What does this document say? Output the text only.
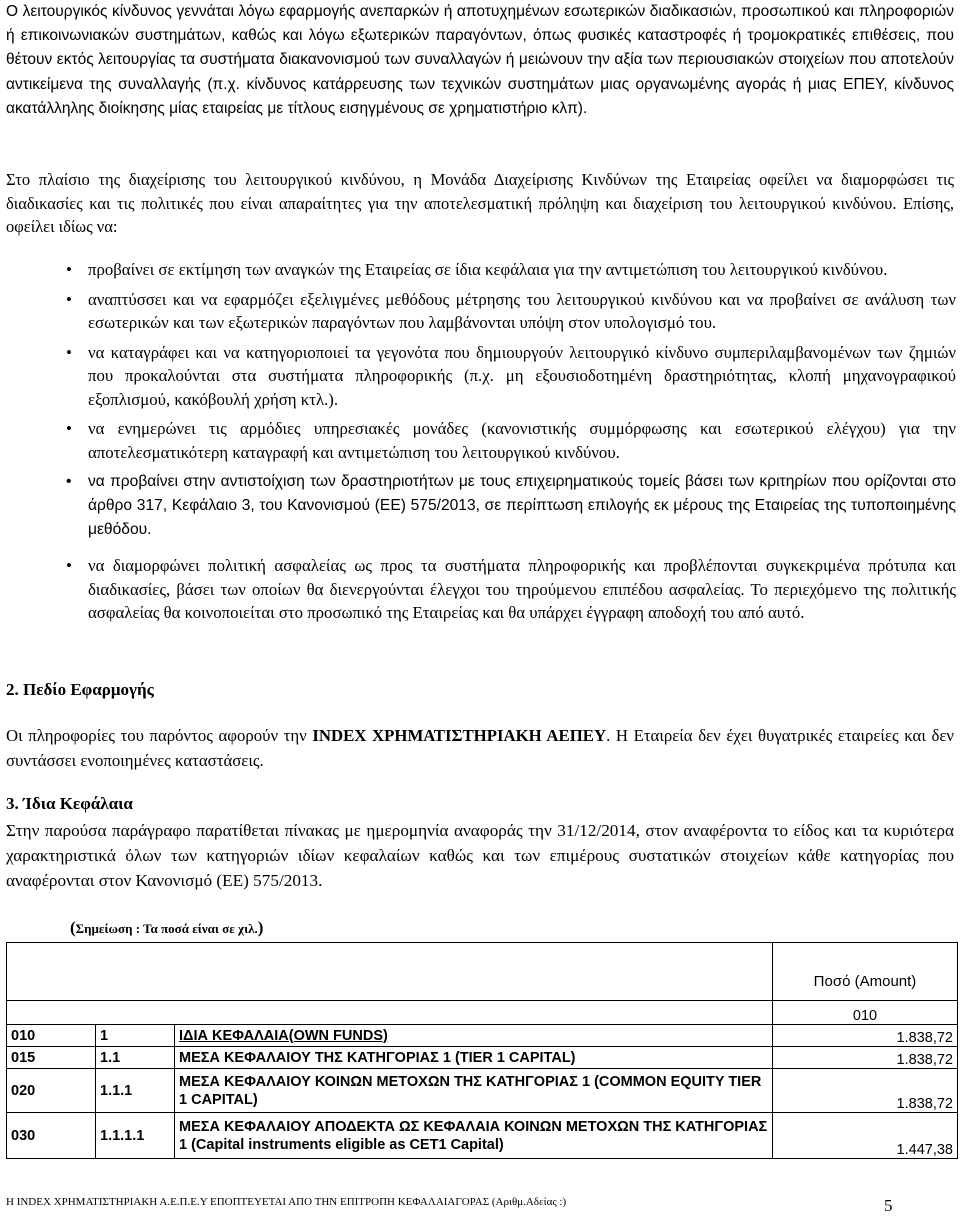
Ο λειτουργικός κίνδυνος γεννάται λόγω εφαρμογής ανεπαρκών ή αποτυχημένων εσωτερικών διαδικασιών, προσωπικού και πληροφοριών ή επικοινωνιακών συστημάτων, καθώς και λόγω εξωτερικών παραγόντων, όπως φυσικές καταστροφές ή τρομοκρατικές επιθέσεις, που θέτουν εκτός λειτουργίας τα συστήματα διακανονισμού των συναλλαγών ή μειώνουν την αξία των περιουσιακών στοιχείων που αποτελούν αντικείμενα της συναλλαγής (π.χ. κίνδυνος κατάρρευσης των τεχνικών συστημάτων μιας οργανωμένης αγοράς ή μιας ΕΠΕΥ, κίνδυνος ακατάλληλης διοίκησης μίας εταιρείας με τίτλους εισηγμένους σε χρηματιστήριο κλπ).

Στο πλαίσιο της διαχείρισης του λειτουργικού κινδύνου, η Μονάδα Διαχείρισης Κινδύνων της Εταιρείας οφείλει να διαμορφώσει τις διαδικασίες και τις πολιτικές που είναι απαραίτητες για την αποτελεσματική πρόληψη και διαχείριση του λειτουργικού κινδύνου. Επίσης, οφείλει ιδίως να:

• προβαίνει σε εκτίμηση των αναγκών της Εταιρείας σε ίδια κεφάλαια για την αντιμετώπιση του λειτουργικού κινδύνου.
• αναπτύσσει και να εφαρμόζει εξελιγμένες μεθόδους μέτρησης του λειτουργικού κινδύνου και να προβαίνει σε ανάλυση των εσωτερικών και των εξωτερικών παραγόντων που λαμβάνονται υπόψη στον υπολογισμό του.
• να καταγράφει και να κατηγοριοποιεί τα γεγονότα που δημιουργούν λειτουργικό κίνδυνο συμπεριλαμβανομένων των ζημιών που προκαλούνται στα συστήματα πληροφορικής (π.χ. μη εξουσιοδοτημένη δραστηριότητας, κλοπή μηχανογραφικού εξοπλισμού, κακόβουλή χρήση κτλ.).
• να ενημερώνει τις αρμόδιες υπηρεσιακές μονάδες (κανονιστικής συμμόρφωσης και εσωτερικού ελέγχου) για την αποτελεσματικότερη καταγραφή και αντιμετώπιση του λειτουργικού κινδύνου.
• να προβαίνει στην αντιστοίχιση των δραστηριοτήτων με τους επιχειρηματικούς τομείς βάσει των κριτηρίων που ορίζονται στο άρθρο 317, Κεφάλαιο 3, του Κανονισμού (ΕΕ) 575/2013, σε περίπτωση επιλογής εκ μέρους της Εταιρείας της τυποποιημένης μεθόδου.
• να διαμορφώνει πολιτική ασφαλείας ως προς τα συστήματα πληροφορικής και προβλέπονται συγκεκριμένα πρότυπα και διαδικασίες, βάσει των οποίων θα διενεργούνται έλεγχοι του τηρούμενου επιπέδου ασφαλείας. Το περιεχόμενο της πολιτικής ασφαλείας θα κοινοποιείται στο προσωπικό της Εταιρείας και θα υπάρχει έγγραφη αποδοχή του από αυτό.

2. Πεδίο Εφαρμογής

Οι πληροφορίες του παρόντος αφορούν την INDEX ΧΡΗΜΑΤΙΣΤΗΡΙΑΚΗ ΑΕΠΕΥ. Η Εταιρεία δεν έχει θυγατρικές εταιρείες και δεν συντάσσει ενοποιημένες καταστάσεις.

3. Ίδια Κεφάλαια

Στην παρούσα παράγραφο παρατίθεται πίνακας με ημερομηνία αναφοράς την 31/12/2014, στον αναφέροντα το είδος και τα κυριότερα χαρακτηριστικά όλων των κατηγοριών ιδίων κεφαλαίων καθώς και των επιμέρους συστατικών στοιχείων κάθε κατηγορίας που αναφέρονται στον Κανονισμό (ΕΕ) 575/2013.

(Σημείωση : Τα ποσά είναι σε χιλ.)

			Ποσό (Amount)
			010
010	1	ΙΔΙΑ ΚΕΦΑΛΑΙΑ(OWN FUNDS)	1.838,72
015	1.1	ΜΕΣΑ ΚΕΦΑΛΑΙΟΥ ΤΗΣ ΚΑΤΗΓΟΡΙΑΣ 1 (TIER 1 CAPITAL)	1.838,72
020	1.1.1	ΜΕΣΑ ΚΕΦΑΛΑΙΟΥ ΚΟΙΝΩΝ ΜΕΤΟΧΩΝ ΤΗΣ ΚΑΤΗΓΟΡΙΑΣ 1 (COMMON EQUITY TIER 1 CAPITAL)	1.838,72
030	1.1.1.1	ΜΕΣΑ ΚΕΦΑΛΑΙΟΥ ΑΠΟΔΕΚΤΑ ΩΣ ΚΕΦΑΛΑΙΑ ΚΟΙΝΩΝ ΜΕΤΟΧΩΝ ΤΗΣ ΚΑΤΗΓΟΡΙΑΣ 1 (Capital instruments eligible as CET1 Capital)	1.447,38

Η INDEX ΧΡΗΜΑΤΙΣΤΗΡΙΑΚΗ Α.Ε.Π.Ε.Υ ΕΠΟΠΤΕΥΕΤΑΙ ΑΠΟ ΤΗΝ ΕΠΙΤΡΟΠΗ ΚΕΦΑΛΑΙΑΓΟΡΑΣ (Αριθμ.Αδείας :)	5
